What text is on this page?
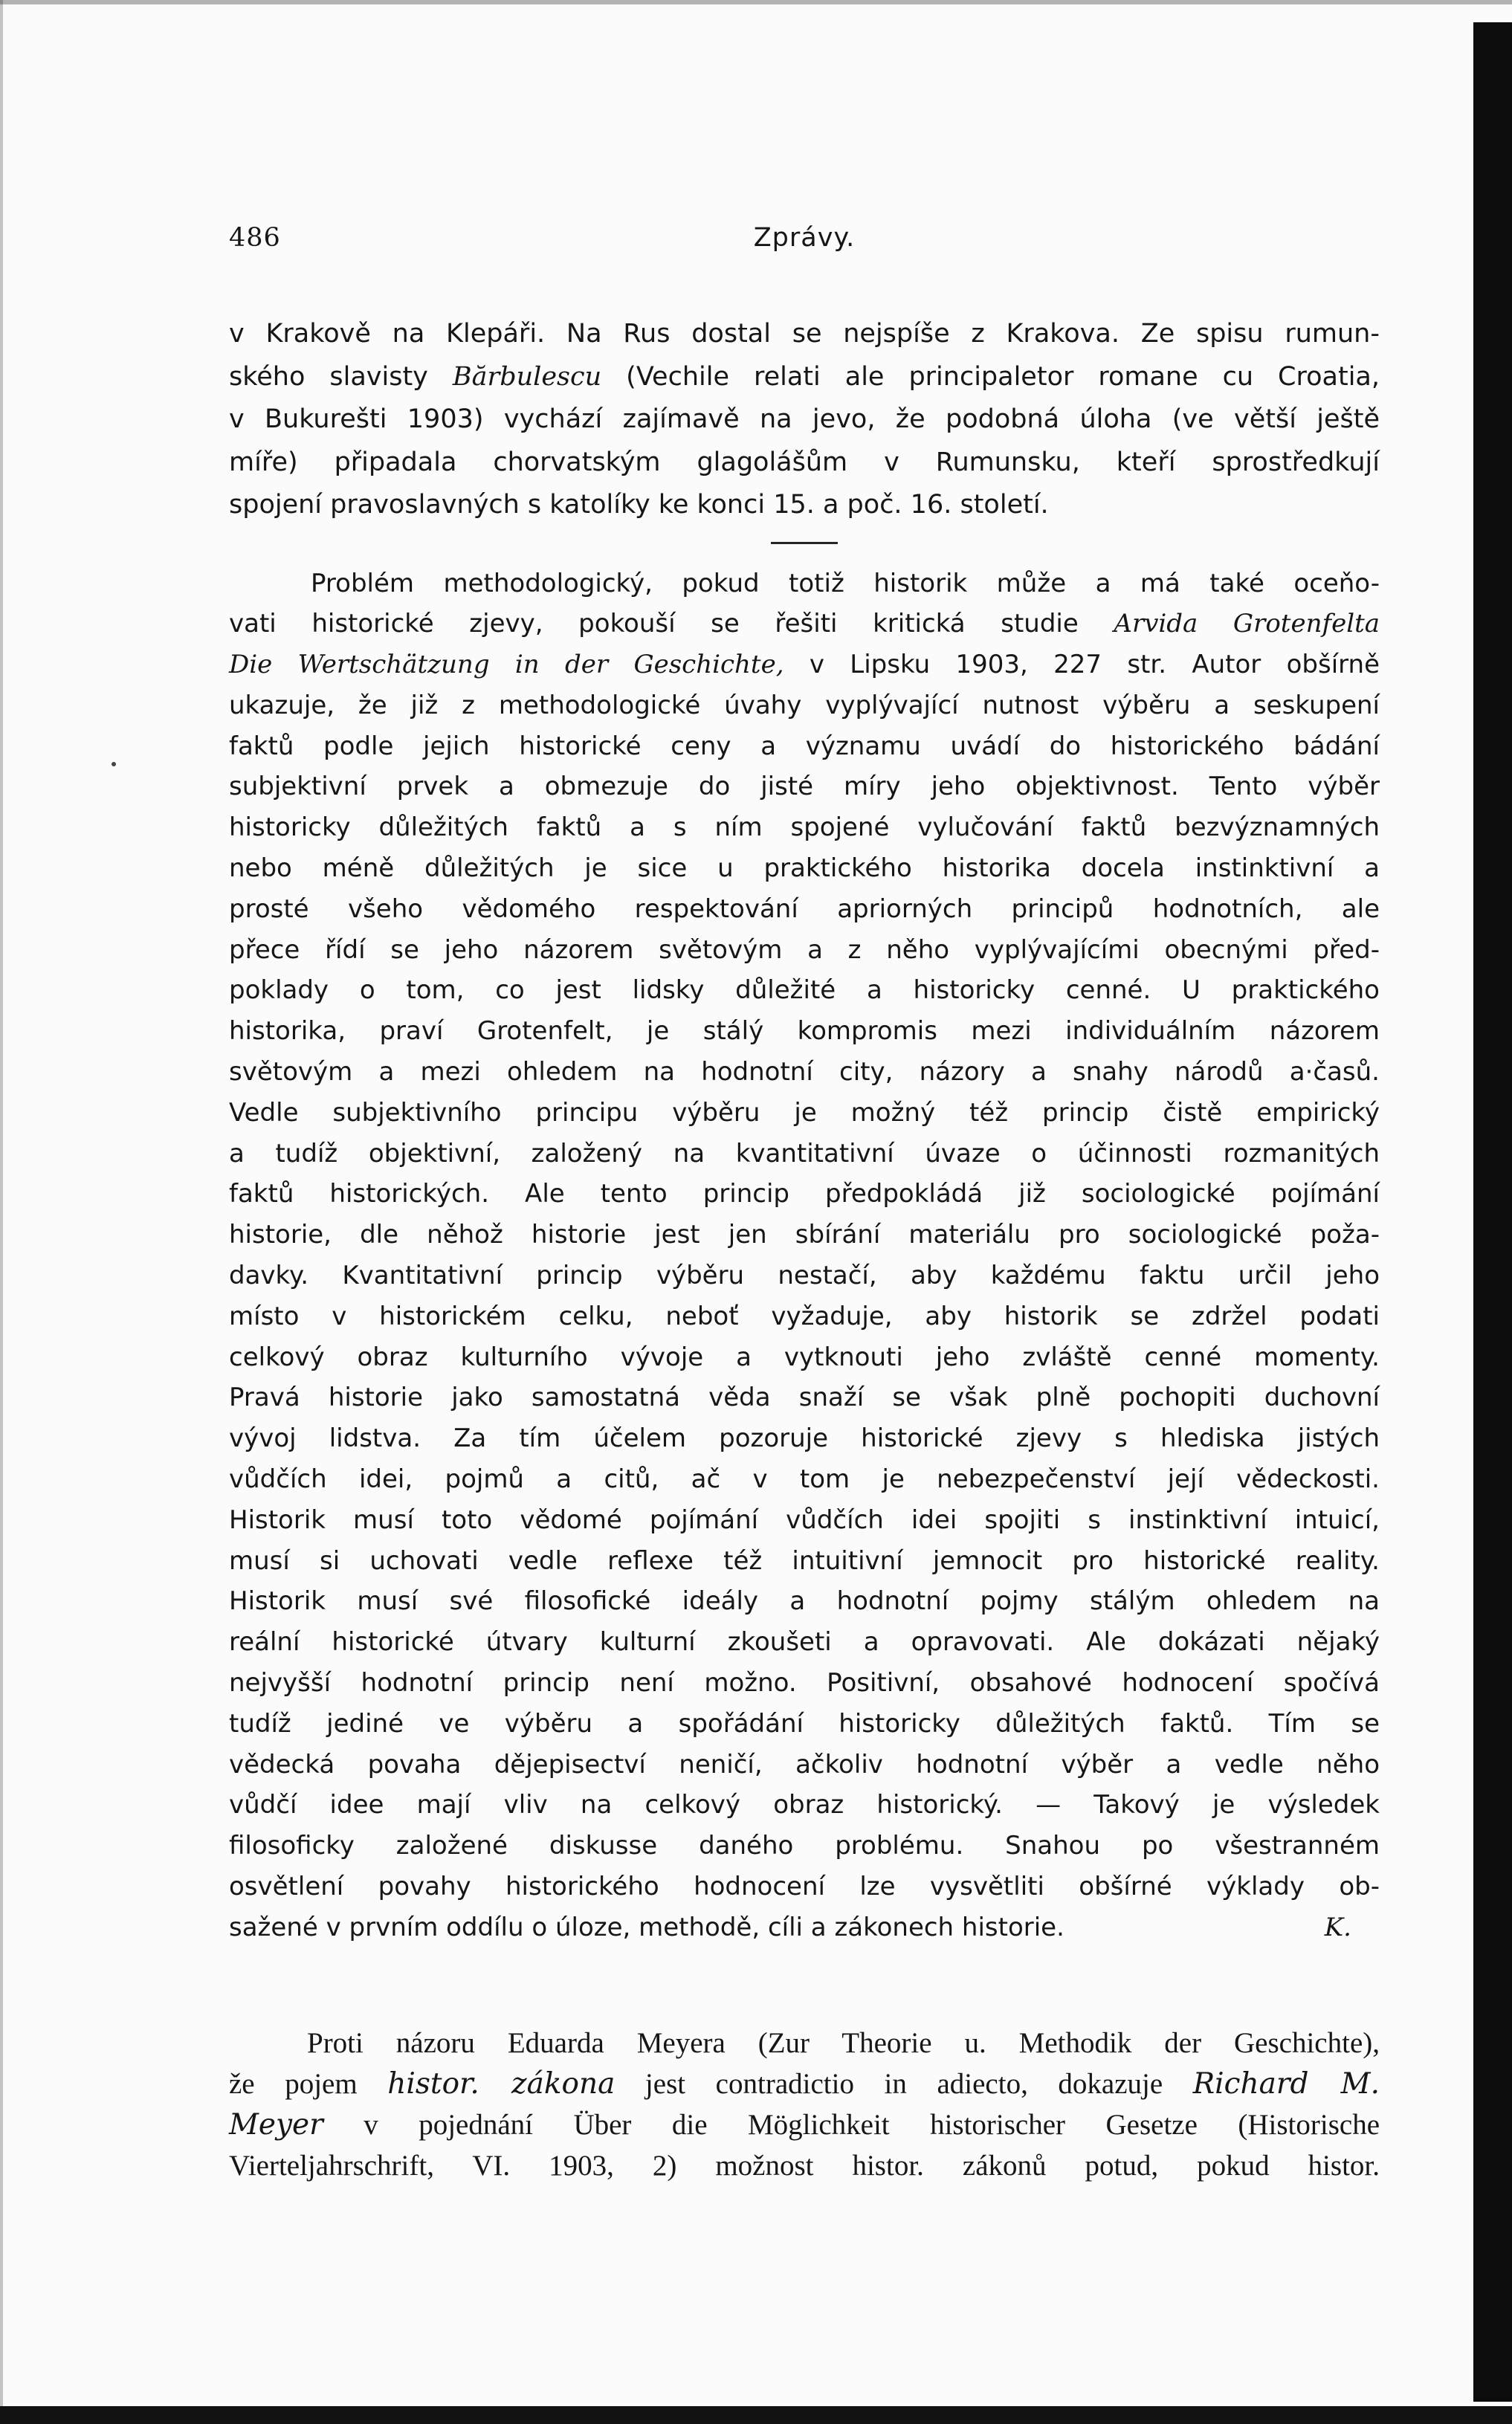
486	Zprávy.

v Krakově na Klepáři. Na Rus dostal se nejspíše z Krakova. Ze spisu rumun-

ského slavisty Bărbulescu (Vechile relati ale principaletor romane cu Croatia,

v Bukurešti 1903) vychází zajímavě na jevo, že podobná úloha (ve větší ještě

míře) připadala chorvatským glagolášům v Rumunsku, kteří sprostředkují

spojení pravoslavných s katolíky ke konci 15. a poč. 16. století.

Problém methodologický, pokud totiž historik může a má také oceňo-

vati historické zjevy, pokouší se řešiti kritická studie Arvida Grotenfelta

Die Wertschätzung in der Geschichte, v Lipsku 1903, 227 str. Autor obšírně

ukazuje, že již z methodologické úvahy vyplývající nutnost výběru a seskupení

faktů podle jejich historické ceny a významu uvádí do historického bádání

subjektivní prvek a obmezuje do jisté míry jeho objektivnost. Tento výběr

historicky důležitých faktů a s ním spojené vylučování faktů bezvýznamných

nebo méně důležitých je sice u praktického historika docela instinktivní a

prosté všeho vědomého respektování apriorných principů hodnotních, ale

přece řídí se jeho názorem světovým a z něho vyplývajícími obecnými před-

poklady o tom, co jest lidsky důležité a historicky cenné. U praktického

historika, praví Grotenfelt, je stálý kompromis mezi individuálním názorem

světovým a mezi ohledem na hodnotní city, názory a snahy národů a·časů.

Vedle subjektivního principu výběru je možný též princip čistě empirický

a tudíž objektivní, založený na kvantitativní úvaze o účinnosti rozmanitých

faktů historických. Ale tento princip předpokládá již sociologické pojímání

historie, dle něhož historie jest jen sbírání materiálu pro sociologické poža-

davky. Kvantitativní princip výběru nestačí, aby každému faktu určil jeho

místo v historickém celku, neboť vyžaduje, aby historik se zdržel podati

celkový obraz kulturního vývoje a vytknouti jeho zvláště cenné momenty.

Pravá historie jako samostatná věda snaží se však plně pochopiti duchovní

vývoj lidstva. Za tím účelem pozoruje historické zjevy s hlediska jistých

vůdčích idei, pojmů a citů, ač v tom je nebezpečenství její vědeckosti.

Historik musí toto vědomé pojímání vůdčích idei spojiti s instinktivní intuicí,

musí si uchovati vedle reflexe též intuitivní jemnocit pro historické reality.

Historik musí své filosofické ideály a hodnotní pojmy stálým ohledem na

reální historické útvary kulturní zkoušeti a opravovati. Ale dokázati nějaký

nejvyšší hodnotní princip není možno. Positivní, obsahové hodnocení spočívá

tudíž jediné ve výběru a spořádání historicky důležitých faktů. Tím se

vědecká povaha dějepisectví neničí, ačkoliv hodnotní výběr a vedle něho

vůdčí idee mají vliv na celkový obraz historický. — Takový je výsledek

filosoficky založené diskusse daného problému. Snahou po všestranném

osvětlení povahy historického hodnocení lze vysvětliti obšírné výklady ob-

sažené v prvním oddílu o úloze, methodě, cíli a zákonech historie.	K.

Proti názoru Eduarda Meyera (Zur Theorie u. Methodik der Geschichte),

že pojem histor. zákona jest contradictio in adiecto, dokazuje Richard M.

Meyer v pojednání Über die Möglichkeit historischer Gesetze (Historische

Vierteljahrschrift, VI. 1903, 2) možnost histor. zákonů potud, pokud histor.
